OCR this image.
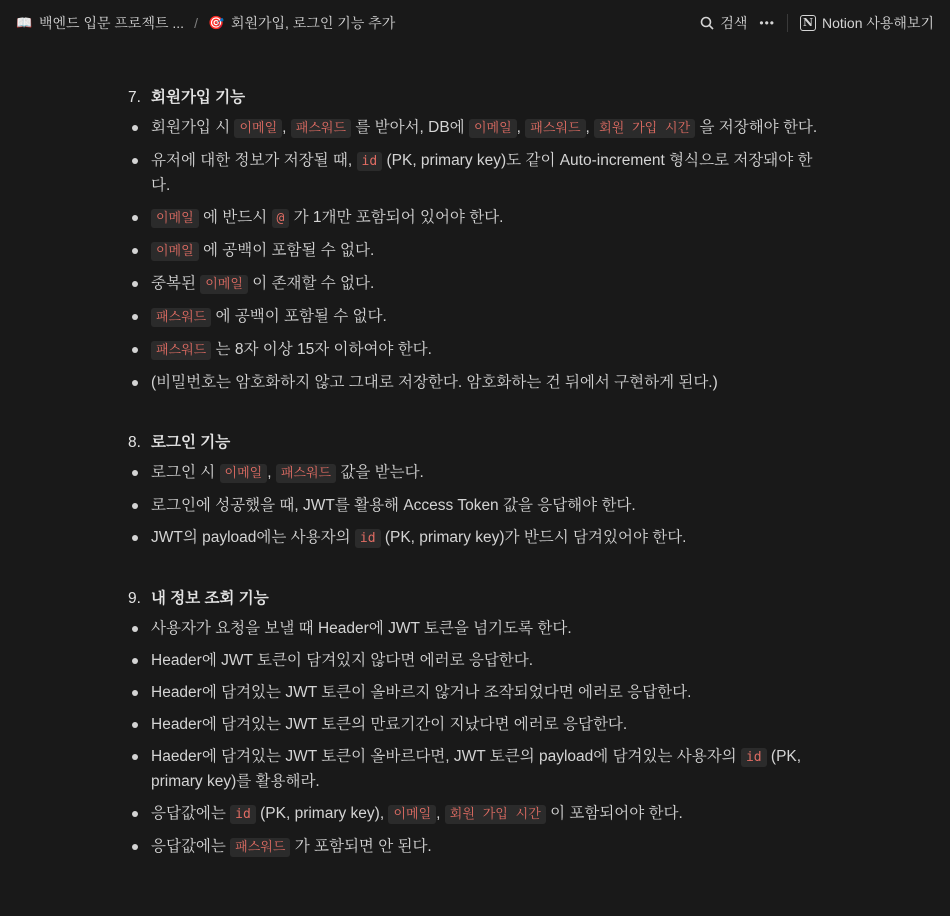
📖 백엔드 입문 프로젝트 ... / 🎯 회원가입, 로그인 기능 추가	검색 •••	N Notion 사용해보기
7. 회원가입 기능
회원가입 시 이메일 , 패스워드 를 받아서, DB에 이메일 , 패스워드 , 회원 가입 시간 을 저장해야 한다.
유저에 대한 정보가 저장될 때, id (PK, primary key)도 같이 Auto-increment 형식으로 저장돼야 한다.
이메일 에 반드시 @ 가 1개만 포함되어 있어야 한다.
이메일 에 공백이 포함될 수 없다.
중복된 이메일 이 존재할 수 없다.
패스워드 에 공백이 포함될 수 없다.
패스워드 는 8자 이상 15자 이하여야 한다.
(비밀번호는 암호화하지 않고 그대로 저장한다. 암호화하는 건 뒤에서 구현하게 된다.)
8. 로그인 기능
로그인 시 이메일 , 패스워드 값을 받는다.
로그인에 성공했을 때, JWT를 활용해 Access Token 값을 응답해야 한다.
JWT의 payload에는 사용자의 id (PK, primary key)가 반드시 담겨있어야 한다.
9. 내 정보 조회 기능
사용자가 요청을 보낼 때 Header에 JWT 토큰을 넘기도록 한다.
Header에 JWT 토큰이 담겨있지 않다면 에러로 응답한다.
Header에 담겨있는 JWT 토큰이 올바르지 않거나 조작되었다면 에러로 응답한다.
Header에 담겨있는 JWT 토큰의 만료기간이 지났다면 에러로 응답한다.
Haeder에 담겨있는 JWT 토큰이 올바르다면, JWT 토큰의 payload에 담겨있는 사용자의 id (PK, primary key)를 활용해라.
응답값에는 id (PK, primary key), 이메일 , 회원 가입 시간 이 포함되어야 한다.
응답값에는 패스워드 가 포함되면 안 된다.
